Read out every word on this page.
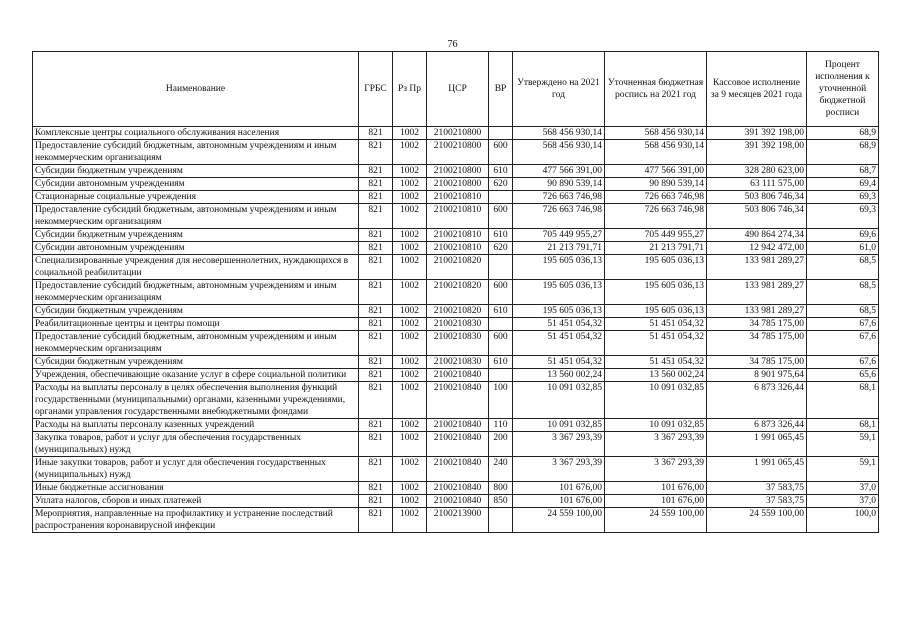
76
Наименование	ГРБС	Рз Пр	ЦСР	ВР	Утверждено на 2021 год	Уточненная бюджетная роспись на 2021 год	Кассовое исполнение за 9 месяцев 2021 года	Процент исполнения к уточненной бюджетной росписи
Комплексные центры социального обслуживания населения	821	1002	2100210800		568 456 930,14	568 456 930,14	391 392 198,00	68,9
Предоставление субсидий бюджетным, автономным учреждениям и иным некоммерческим организациям	821	1002	2100210800	600	568 456 930,14	568 456 930,14	391 392 198,00	68,9
Субсидии бюджетным учреждениям	821	1002	2100210800	610	477 566 391,00	477 566 391,00	328 280 623,00	68,7
Субсидии автономным учреждениям	821	1002	2100210800	620	90 890 539,14	90 890 539,14	63 111 575,00	69,4
Стационарные социальные учреждения	821	1002	2100210810		726 663 746,98	726 663 746,98	503 806 746,34	69,3
Предоставление субсидий бюджетным, автономным учреждениям и иным некоммерческим организациям	821	1002	2100210810	600	726 663 746,98	726 663 746,98	503 806 746,34	69,3
Субсидии бюджетным учреждениям	821	1002	2100210810	610	705 449 955,27	705 449 955,27	490 864 274,34	69,6
Субсидии автономным учреждениям	821	1002	2100210810	620	21 213 791,71	21 213 791,71	12 942 472,00	61,0
Специализированные учреждения для несовершеннолетних, нуждающихся в социальной реабилитации	821	1002	2100210820		195 605 036,13	195 605 036,13	133 981 289,27	68,5
Предоставление субсидий бюджетным, автономным учреждениям и иным некоммерческим организациям	821	1002	2100210820	600	195 605 036,13	195 605 036,13	133 981 289,27	68,5
Субсидии бюджетным учреждениям	821	1002	2100210820	610	195 605 036,13	195 605 036,13	133 981 289,27	68,5
Реабилитационные центры и центры помощи	821	1002	2100210830		51 451 054,32	51 451 054,32	34 785 175,00	67,6
Предоставление субсидий бюджетным, автономным учреждениям и иным некоммерческим организациям	821	1002	2100210830	600	51 451 054,32	51 451 054,32	34 785 175,00	67,6
Субсидии бюджетным учреждениям	821	1002	2100210830	610	51 451 054,32	51 451 054,32	34 785 175,00	67,6
Учреждения, обеспечивающие оказание услуг в сфере социальной политики	821	1002	2100210840		13 560 002,24	13 560 002,24	8 901 975,64	65,6
Расходы на выплаты персоналу в целях обеспечения выполнения функций государственными (муниципальными) органами, казенными учреждениями, органами управления государственными внебюджетными фондами	821	1002	2100210840	100	10 091 032,85	10 091 032,85	6 873 326,44	68,1
Расходы на выплаты персоналу казенных учреждений	821	1002	2100210840	110	10 091 032,85	10 091 032,85	6 873 326,44	68,1
Закупка товаров, работ и услуг для обеспечения государственных (муниципальных) нужд	821	1002	2100210840	200	3 367 293,39	3 367 293,39	1 991 065,45	59,1
Иные закупки товаров, работ и услуг для обеспечения государственных (муниципальных) нужд	821	1002	2100210840	240	3 367 293,39	3 367 293,39	1 991 065,45	59,1
Иные бюджетные ассигнования	821	1002	2100210840	800	101 676,00	101 676,00	37 583,75	37,0
Уплата налогов, сборов и иных платежей	821	1002	2100210840	850	101 676,00	101 676,00	37 583,75	37,0
Мероприятия, направленные на профилактику и устранение последствий распространения коронавирусной инфекции	821	1002	2100213900		24 559 100,00	24 559 100,00	24 559 100,00	100,0
